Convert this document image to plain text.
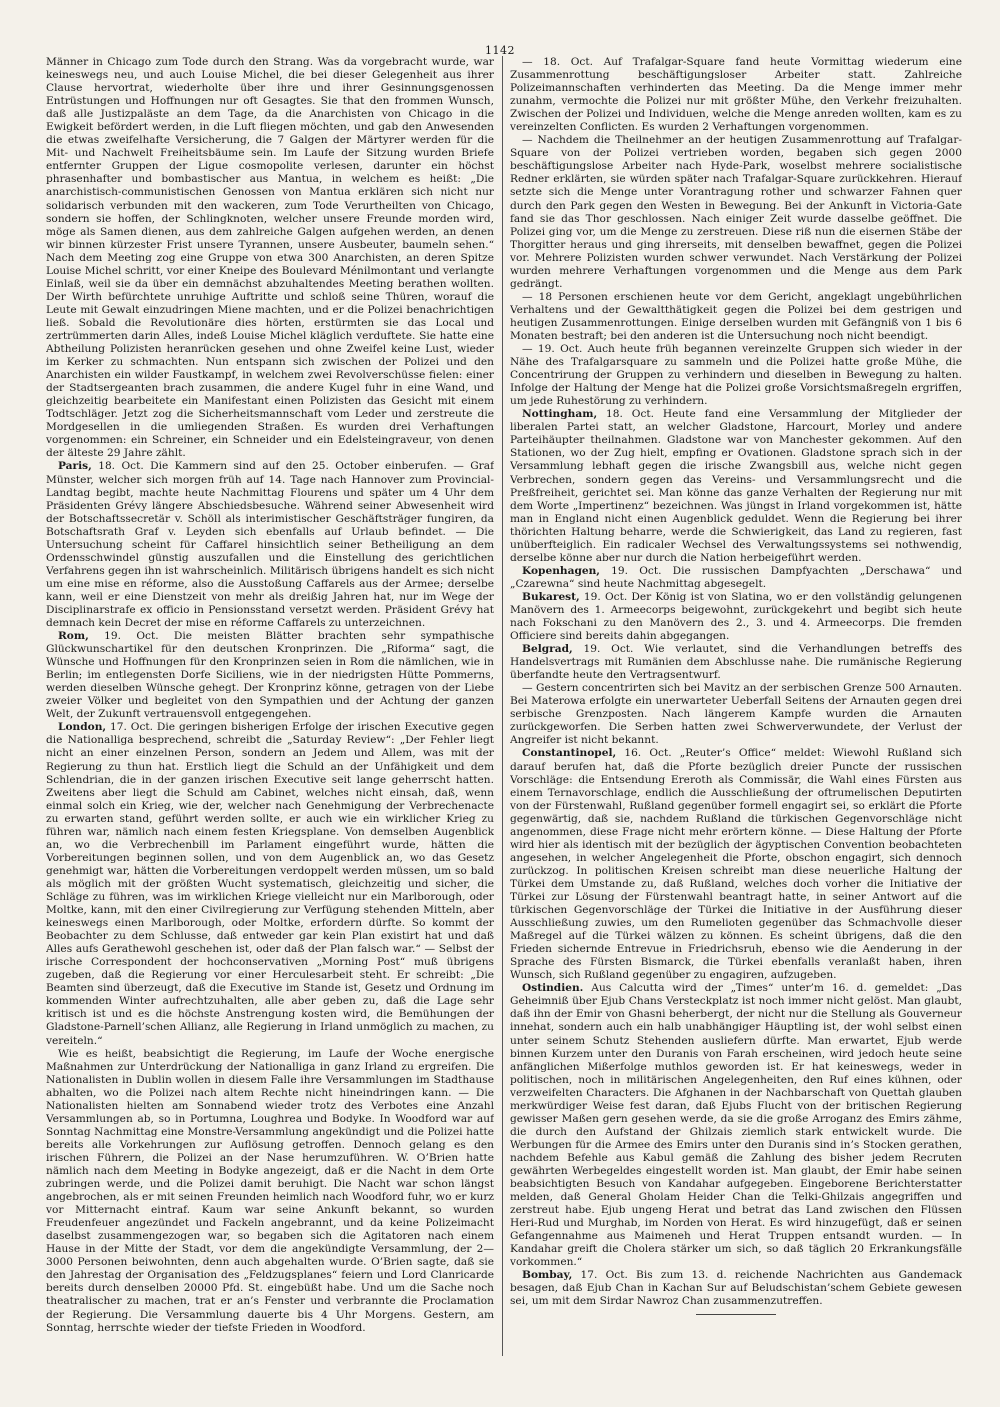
1142

Männer in Chicago zum Tode durch den Strang. Was da vorgebracht wurde, war keineswegs neu, und auch Louise Michel, die bei dieser Gelegenheit aus ihrer Clause hervortrat, wiederholte über ihre und ihrer Gesinnungsgenossen Entrüstungen und Hoffnungen nur oft Gesagtes. Sie that den frommen Wunsch, daß alle Justizpaläste an dem Tage, da die Anarchisten von Chicago in die Ewigkeit befördert werden, in die Luft fliegen möchten, und gab den Anwesenden die etwas zweifelhafte Versicherung, die 7 Galgen der Märtyrer werden für die Mit- und Nachwelt Freiheitsbäume sein. Im Laufe der Sitzung wurden Briefe entfernter Gruppen der Ligue cosmopolite verlesen, darunter ein höchst phrasenhafter und bombastischer aus Mantua, in welchem es heißt: „Die anarchistisch-communistischen Genossen von Mantua erklären sich nicht nur solidarisch verbunden mit den wackeren, zum Tode Verurtheilten von Chicago, sondern sie hoffen, der Schlingknoten, welcher unsere Freunde morden wird, möge als Samen dienen, aus dem zahlreiche Galgen aufgehen werden, an denen wir binnen kürzester Frist unsere Tyrannen, unsere Ausbeuter, baumeln sehen.“ Nach dem Meeting zog eine Gruppe von etwa 300 Anarchisten, an deren Spitze Louise Michel schritt, vor einer Kneipe des Boulevard Ménilmontant und verlangte Einlaß, weil sie da über ein demnächst abzuhaltendes Meeting berathen wollten. Der Wirth befürchtete unruhige Auftritte und schloß seine Thüren, worauf die Leute mit Gewalt einzudringen Miene machten, und er die Polizei benachrichtigen ließ. Sobald die Revolutionäre dies hörten, erstürmten sie das Local und zertrümmerten darin Alles, indeß Louise Michel kläglich verduftete. Sie hatte eine Abtheilung Polizisten heranrücken gesehen und ohne Zweifel keine Lust, wieder im Kerker zu schmachten. Nun entspann sich zwischen der Polizei und den Anarchisten ein wilder Faustkampf, in welchem zwei Revolverschüsse fielen: einer der Stadtsergeanten brach zusammen, die andere Kugel fuhr in eine Wand, und gleichzeitig bearbeitete ein Manifestant einen Polizisten das Gesicht mit einem Todtschläger. Jetzt zog die Sicherheitsmannschaft vom Leder und zerstreute die Mordgesellen in die umliegenden Straßen. Es wurden drei Verhaftungen vorgenommen: ein Schreiner, ein Schneider und ein Edelsteingraveur, von denen der älteste 29 Jahre zählt.

Paris, 18. Oct. Die Kammern sind auf den 25. October einberufen. — Graf Münster, welcher sich morgen früh auf 14. Tage nach Hannover zum Provincial-Landtag begibt, machte heute Nachmittag Flourens und später um 4 Uhr dem Präsidenten Grévy längere Abschiedsbesuche. Während seiner Abwesenheit wird der Botschaftssecretär v. Schöll als interimistischer Geschäftsträger fungiren, da Botschaftsrath Graf v. Leyden sich ebenfalls auf Urlaub befindet. — Die Untersuchung scheint für Caffarel hinsichtlich seiner Betheiligung an dem Ordensschwindel günstig auszufallen und die Einstellung des gerichtlichen Verfahrens gegen ihn ist wahrscheinlich. Militärisch übrigens handelt es sich nicht um eine mise en réforme, also die Ausstoßung Caffarels aus der Armee; derselbe kann, weil er eine Dienstzeit von mehr als dreißig Jahren hat, nur im Wege der Disciplinarstrafe ex officio in Pensionsstand versetzt werden. Präsident Grévy hat demnach kein Decret der mise en réforme Caffarels zu unterzeichnen.

Rom, 19. Oct. Die meisten Blätter brachten sehr sympathische Glückwunschartikel für den deutschen Kronprinzen. Die „Riforma“ sagt, die Wünsche und Hoffnungen für den Kronprinzen seien in Rom die nämlichen, wie in Berlin; im entlegensten Dorfe Siciliens, wie in der niedrigsten Hütte Pommerns, werden dieselben Wünsche gehegt. Der Kronprinz könne, getragen von der Liebe zweier Völker und begleitet von den Sympathien und der Achtung der ganzen Welt, der Zukunft vertrauensvoll entgegengehen.

London, 17. Oct. Die geringen bisherigen Erfolge der irischen Executive gegen die Nationalliga besprechend, schreibt die „Saturday Review“: „Der Fehler liegt nicht an einer einzelnen Person, sondern an Jedem und Allem, was mit der Regierung zu thun hat. Erstlich liegt die Schuld an der Unfähigkeit und dem Schlendrian, die in der ganzen irischen Executive seit lange geherrscht hatten. Zweitens aber liegt die Schuld am Cabinet, welches nicht einsah, daß, wenn einmal solch ein Krieg, wie der, welcher nach Genehmigung der Verbrechenacte zu erwarten stand, geführt werden sollte, er auch wie ein wirklicher Krieg zu führen war, nämlich nach einem festen Kriegsplane. Von demselben Augenblick an, wo die Verbrechenbill im Parlament eingeführt wurde, hätten die Vorbereitungen beginnen sollen, und von dem Augenblick an, wo das Gesetz genehmigt war, hätten die Vorbereitungen verdoppelt werden müssen, um so bald als möglich mit der größten Wucht systematisch, gleichzeitig und sicher, die Schläge zu führen, was im wirklichen Kriege vielleicht nur ein Marlborough, oder Moltke, kann, mit den einer Civilregierung zur Verfügung stehenden Mitteln, aber keineswegs einen Marlborough, oder Moltke, erfordern dürfte. So kommt der Beobachter zu dem Schlusse, daß entweder gar kein Plan existirt hat und daß Alles aufs Gerathewohl geschehen ist, oder daß der Plan falsch war.“ — Selbst der irische Correspondent der hochconservativen „Morning Post“ muß übrigens zugeben, daß die Regierung vor einer Herculesarbeit steht. Er schreibt: „Die Beamten sind überzeugt, daß die Executive im Stande ist, Gesetz und Ordnung im kommenden Winter aufrechtzuhalten, alle aber geben zu, daß die Lage sehr kritisch ist und es die höchste Anstrengung kosten wird, die Bemühungen der Gladstone-Parnell’schen Allianz, alle Regierung in Irland unmöglich zu machen, zu vereiteln.“

Wie es heißt, beabsichtigt die Regierung, im Laufe der Woche energische Maßnahmen zur Unterdrückung der Nationalliga in ganz Irland zu ergreifen. Die Nationalisten in Dublin wollen in diesem Falle ihre Versammlungen im Stadthause abhalten, wo die Polizei nach altem Rechte nicht hineindringen kann. — Die Nationalisten hielten am Sonnabend wieder trotz des Verbotes eine Anzahl Versammlungen ab, so in Portumna, Loughrea und Bodyke. In Woodford war auf Sonntag Nachmittag eine Monstre-Versammlung angekündigt und die Polizei hatte bereits alle Vorkehrungen zur Auflösung getroffen. Dennoch gelang es den irischen Führern, die Polizei an der Nase herumzuführen. W. O’Brien hatte nämlich nach dem Meeting in Bodyke angezeigt, daß er die Nacht in dem Orte zubringen werde, und die Polizei damit beruhigt. Die Nacht war schon längst angebrochen, als er mit seinen Freunden heimlich nach Woodford fuhr, wo er kurz vor Mitternacht eintraf. Kaum war seine Ankunft bekannt, so wurden Freudenfeuer angezündet und Fackeln angebrannt, und da keine Polizeimacht daselbst zusammengezogen war, so begaben sich die Agitatoren nach einem Hause in der Mitte der Stadt, vor dem die angekündigte Versammlung, der 2—3000 Personen beiwohnten, denn auch abgehalten wurde. O’Brien sagte, daß sie den Jahrestag der Organisation des „Feldzugsplanes“ feiern und Lord Clanricarde bereits durch denselben 20000 Pfd. St. eingebüßt habe. Und um die Sache noch theatralischer zu machen, trat er an’s Fenster und verbrannte die Proclamation der Regierung. Die Versammlung dauerte bis 4 Uhr Morgens. Gestern, am Sonntag, herrschte wieder der tiefste Frieden in Woodford.

— 18. Oct. Auf Trafalgar-Square fand heute Vormittag wiederum eine Zusammenrottung beschäftigungsloser Arbeiter statt. Zahlreiche Polizeimannschaften verhinderten das Meeting. Da die Menge immer mehr zunahm, vermochte die Polizei nur mit größter Mühe, den Verkehr freizuhalten. Zwischen der Polizei und Individuen, welche die Menge anreden wollten, kam es zu vereinzelten Conflicten. Es wurden 2 Verhaftungen vorgenommen.

— Nachdem die Theilnehmer an der heutigen Zusammenrottung auf Trafalgar-Square von der Polizei vertrieben worden, begaben sich gegen 2000 beschäftigungslose Arbeiter nach Hyde-Park, woselbst mehrere socialistische Redner erklärten, sie würden später nach Trafalgar-Square zurückkehren. Hierauf setzte sich die Menge unter Vorantragung rother und schwarzer Fahnen quer durch den Park gegen den Westen in Bewegung. Bei der Ankunft in Victoria-Gate fand sie das Thor geschlossen. Nach einiger Zeit wurde dasselbe geöffnet. Die Polizei ging vor, um die Menge zu zerstreuen. Diese riß nun die eisernen Stäbe der Thorgitter heraus und ging ihrerseits, mit denselben bewaffnet, gegen die Polizei vor. Mehrere Polizisten wurden schwer verwundet. Nach Verstärkung der Polizei wurden mehrere Verhaftungen vorgenommen und die Menge aus dem Park gedrängt.

— 18 Personen erschienen heute vor dem Gericht, angeklagt ungebührlichen Verhaltens und der Gewaltthätigkeit gegen die Polizei bei dem gestrigen und heutigen Zusammenrottungen. Einige derselben wurden mit Gefängniß von 1 bis 6 Monaten bestraft; bei den anderen ist die Untersuchung noch nicht beendigt.

— 19. Oct. Auch heute früh begannen vereinzelte Gruppen sich wieder in der Nähe des Trafalgarsquare zu sammeln und die Polizei hatte große Mühe, die Concentrirung der Gruppen zu verhindern und dieselben in Bewegung zu halten. Infolge der Haltung der Menge hat die Polizei große Vorsichtsmaßregeln ergriffen, um jede Ruhestörung zu verhindern.

Nottingham, 18. Oct. Heute fand eine Versammlung der Mitglieder der liberalen Partei statt, an welcher Gladstone, Harcourt, Morley und andere Parteihäupter theilnahmen. Gladstone war von Manchester gekommen. Auf den Stationen, wo der Zug hielt, empfing er Ovationen. Gladstone sprach sich in der Versammlung lebhaft gegen die irische Zwangsbill aus, welche nicht gegen Verbrechen, sondern gegen das Vereins- und Versammlungsrecht und die Preßfreiheit, gerichtet sei. Man könne das ganze Verhalten der Regierung nur mit dem Worte „Impertinenz“ bezeichnen. Was jüngst in Irland vorgekommen ist, hätte man in England nicht einen Augenblick geduldet. Wenn die Regierung bei ihrer thörichten Haltung beharre, werde die Schwierigkeit, das Land zu regieren, fast unüberfteiglich. Ein radicaler Wechsel des Verwaltungssystems sei nothwendig, derselbe könne aber nur durch die Nation herbeigeführt werden.

Kopenhagen, 19. Oct. Die russischen Dampfyachten „Derschawa“ und „Czarewna“ sind heute Nachmittag abgesegelt.

Bukarest, 19. Oct. Der König ist von Slatina, wo er den vollständig gelungenen Manövern des 1. Armeecorps beigewohnt, zurückgekehrt und begibt sich heute nach Fokschani zu den Manövern des 2., 3. und 4. Armeecorps. Die fremden Officiere sind bereits dahin abgegangen.

Belgrad, 19. Oct. Wie verlautet, sind die Verhandlungen betreffs des Handelsvertrags mit Rumänien dem Abschlusse nahe. Die rumänische Regierung überfandte heute den Vertragsentwurf.

— Gestern concentrirten sich bei Mavitz an der serbischen Grenze 500 Arnauten. Bei Materowa erfolgte ein unerwarteter Ueberfall Seitens der Arnauten gegen drei serbische Grenzposten. Nach längerem Kampfe wurden die Arnauten zurückgeworfen. Die Serben hatten zwei Schwerverwundete, der Verlust der Angreifer ist nicht bekannt.

Constantinopel, 16. Oct. „Reuter’s Office“ meldet: Wiewohl Rußland sich darauf berufen hat, daß die Pforte bezüglich dreier Puncte der russischen Vorschläge: die Entsendung Ereroth als Commissär, die Wahl eines Fürsten aus einem Ternavorschlage, endlich die Ausschließung der oftrumelischen Deputirten von der Fürstenwahl, Rußland gegenüber formell engagirt sei, so erklärt die Pforte gegenwärtig, daß sie, nachdem Rußland die türkischen Gegenvorschläge nicht angenommen, diese Frage nicht mehr erörtern könne. — Diese Haltung der Pforte wird hier als identisch mit der bezüglich der ägyptischen Convention beobachteten angesehen, in welcher Angelegenheit die Pforte, obschon engagirt, sich dennoch zurückzog. In politischen Kreisen schreibt man diese neuerliche Haltung der Türkei dem Umstande zu, daß Rußland, welches doch vorher die Initiative der Türkei zur Lösung der Fürstenwahl beantragt hatte, in seiner Antwort auf die türkischen Gegenvorschläge der Türkei die Initiative in der Ausführung dieser Ausschließung zuwies, um den Rumelioten gegenüber das Schmachvolle dieser Maßregel auf die Türkei wälzen zu können. Es scheint übrigens, daß die den Frieden sichernde Entrevue in Friedrichsruh, ebenso wie die Aenderung in der Sprache des Fürsten Bismarck, die Türkei ebenfalls veranlaßt haben, ihren Wunsch, sich Rußland gegenüber zu engagiren, aufzugeben.

Ostindien. Aus Calcutta wird der „Times“ unter’m 16. d. gemeldet: „Das Geheimniß über Ejub Chans Versteckplatz ist noch immer nicht gelöst. Man glaubt, daß ihn der Emir von Ghasni beherbergt, der nicht nur die Stellung als Gouverneur innehat, sondern auch ein halb unabhängiger Häuptling ist, der wohl selbst einen unter seinem Schutz Stehenden ausliefern dürfte. Man erwartet, Ejub werde binnen Kurzem unter den Duranis von Farah erscheinen, wird jedoch heute seine anfänglichen Mißerfolge muthlos geworden ist. Er hat keineswegs, weder in politischen, noch in militärischen Angelegenheiten, den Ruf eines kühnen, oder verzweifelten Characters. Die Afghanen in der Nachbarschaft von Quettah glauben merkwürdiger Weise fest daran, daß Ejubs Flucht von der britischen Regierung gewisser Maßen gern gesehen werde, da sie die große Arroganz des Emirs zähme, die durch den Aufstand der Ghilzais ziemlich stark entwickelt wurde. Die Werbungen für die Armee des Emirs unter den Duranis sind in’s Stocken gerathen, nachdem Befehle aus Kabul gemäß die Zahlung des bisher jedem Recruten gewährten Werbegeldes eingestellt worden ist. Man glaubt, der Emir habe seinen beabsichtigten Besuch von Kandahar aufgegeben. Eingeborene Berichterstatter melden, daß General Gholam Heider Chan die Telki-Ghilzais angegriffen und zerstreut habe. Ejub ungeng Herat und betrat das Land zwischen den Flüssen Heri-Rud und Murghab, im Norden von Herat. Es wird hinzugefügt, daß er seinen Gefangennahme aus Maimeneh und Herat Truppen entsandt wurden. — In Kandahar greift die Cholera stärker um sich, so daß täglich 20 Erkrankungsfälle vorkommen.“

Bombay, 17. Oct. Bis zum 13. d. reichende Nachrichten aus Gandemack besagen, daß Ejub Chan in Kachan Sur auf Beludschistan’schem Gebiete gewesen sei, um mit dem Sirdar Nawroz Chan zusammenzutreffen.
